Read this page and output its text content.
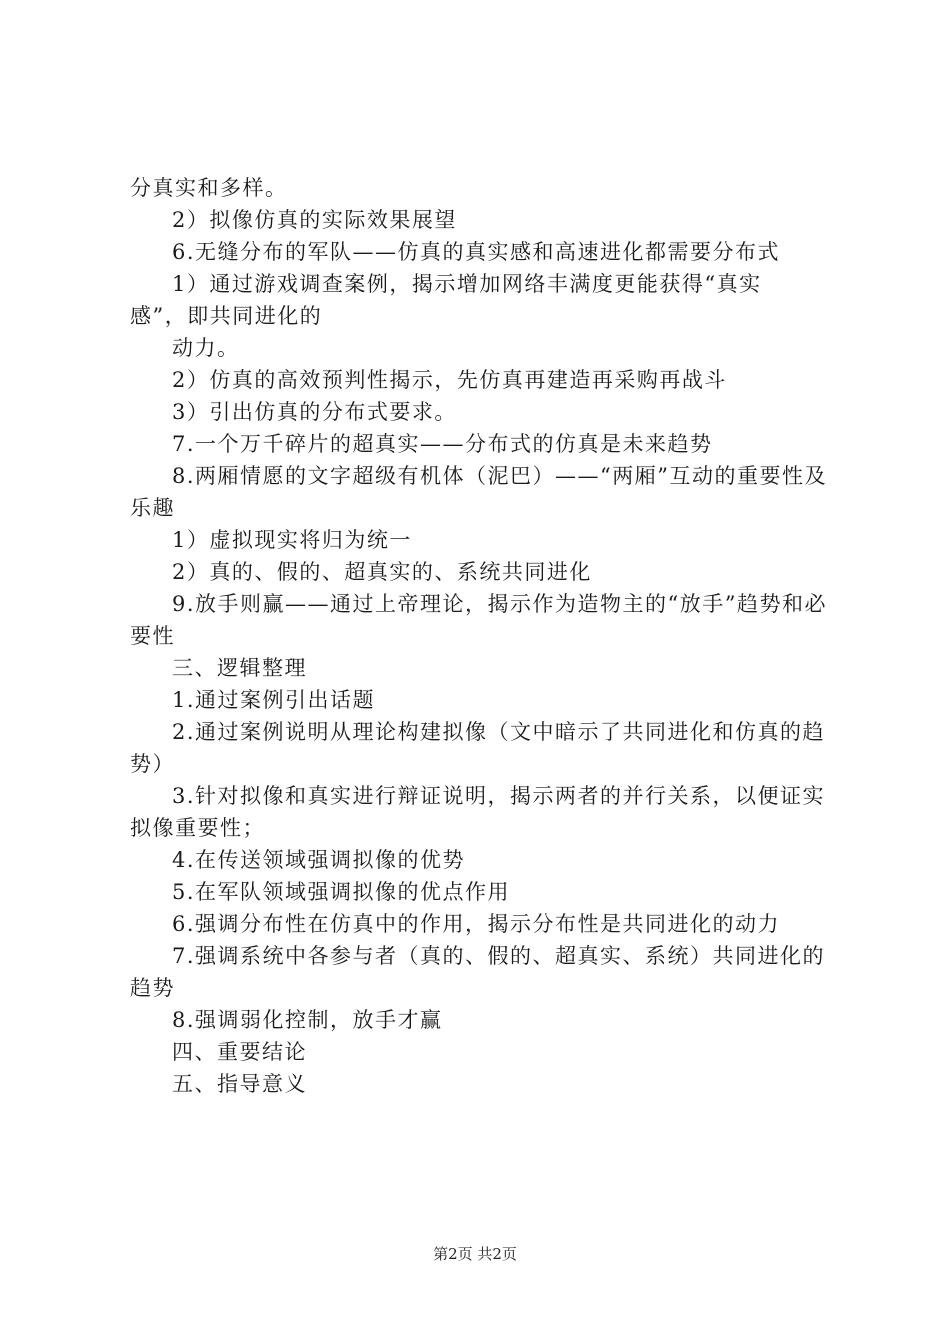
分真实和多样。

2）拟像仿真的实际效果展望

6.无缝分布的军队——仿真的真实感和高速进化都需要分布式

1）通过游戏调查案例，揭示增加网络丰满度更能获得“真实感”，即共同进化的

动力。

2）仿真的高效预判性揭示，先仿真再建造再采购再战斗

3）引出仿真的分布式要求。

7.一个万千碎片的超真实——分布式的仿真是未来趋势

8.两厢情愿的文字超级有机体（泥巴）——“两厢”互动的重要性及乐趣

1）虚拟现实将归为统一

2）真的、假的、超真实的、系统共同进化

9.放手则赢——通过上帝理论，揭示作为造物主的“放手”趋势和必要性

三、逻辑整理

1.通过案例引出话题

2.通过案例说明从理论构建拟像（文中暗示了共同进化和仿真的趋势）

3.针对拟像和真实进行辩证说明，揭示两者的并行关系，以便证实拟像重要性；

4.在传送领域强调拟像的优势

5.在军队领域强调拟像的优点作用

6.强调分布性在仿真中的作用，揭示分布性是共同进化的动力

7.强调系统中各参与者（真的、假的、超真实、系统）共同进化的趋势

8.强调弱化控制，放手才赢

四、重要结论

五、指导意义

第2页 共2页
